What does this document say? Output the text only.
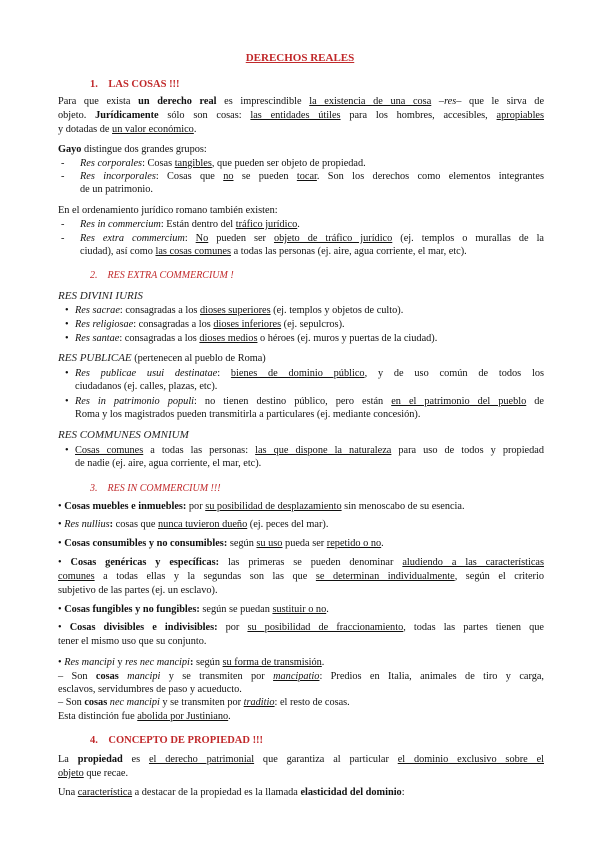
DERECHOS REALES
1. LAS COSAS !!!
Para que exista un derecho real es imprescindible la existencia de una cosa –res– que le sirva de
objeto. Jurídicamente sólo son cosas: las entidades útiles para los hombres, accesibles, apropiables
y dotadas de un valor económico.
Gayo distingue dos grandes grupos:
- Res corporales: Cosas tangibles, que pueden ser objeto de propiedad.
- Res incorporales: Cosas que no se pueden tocar. Son los derechos como elementos integrantes
de un patrimonio.
En el ordenamiento jurídico romano también existen:
- Res in commercium: Están dentro del tráfico jurídico.
- Res extra commercium: No pueden ser objeto de tráfico jurídico (ej. templos o murallas de la
ciudad), así como las cosas comunes a todas las personas (ej. aire, agua corriente, el mar, etc).
2. RES EXTRA COMMERCIUM !
RES DIVINI IURIS
• Res sacrae: consagradas a los dioses superiores (ej. templos y objetos de culto).
• Res religiosae: consagradas a los dioses inferiores (ej. sepulcros).
• Res santae: consagradas a los dioses medios o héroes (ej. muros y puertas de la ciudad).
RES PUBLICAE (pertenecen al pueblo de Roma)
• Res publicae usui destinatae: bienes de dominio público, y de uso común de todos los
ciudadanos (ej. calles, plazas, etc).
• Res in patrimonio populi: no tienen destino público, pero están en el patrimonio del pueblo de
Roma y los magistrados pueden transmitirla a particulares (ej. mediante concesión).
RES COMMUNES OMNIUM
• Cosas comunes a todas las personas: las que dispone la naturaleza para uso de todos y propiedad
de nadie (ej. aire, agua corriente, el mar, etc).
3. RES IN COMMERCIUM !!!
• Cosas muebles e inmuebles: por su posibilidad de desplazamiento sin menoscabo de su esencia.
• Res nullius: cosas que nunca tuvieron dueño (ej. peces del mar).
• Cosas consumibles y no consumibles: según su uso pueda ser repetido o no.
• Cosas genéricas y específicas: las primeras se pueden denominar aludiendo a las características
comunes a todas ellas y la segundas son las que se determinan individualmente, según el criterio
subjetivo de las partes (ej. un esclavo).
• Cosas fungibles y no fungibles: según se puedan sustituir o no.
• Cosas divisibles e indivisibles: por su posibilidad de fraccionamiento, todas las partes tienen que
tener el mismo uso que su conjunto.
• Res mancipi y res nec mancipi: según su forma de transmisión.
– Son cosas mancipi y se transmiten por mancipatio: Predios en Italia, animales de tiro y carga,
esclavos, servidumbres de paso y acueducto.
– Son cosas nec mancipi y se transmiten por traditio: el resto de cosas.
Esta distinción fue abolida por Justiniano.
4. CONCEPTO DE PROPIEDAD !!!
La propiedad es el derecho patrimonial que garantiza al particular el dominio exclusivo sobre el
objeto que recae.
Una característica a destacar de la propiedad es la llamada elasticidad del dominio:
